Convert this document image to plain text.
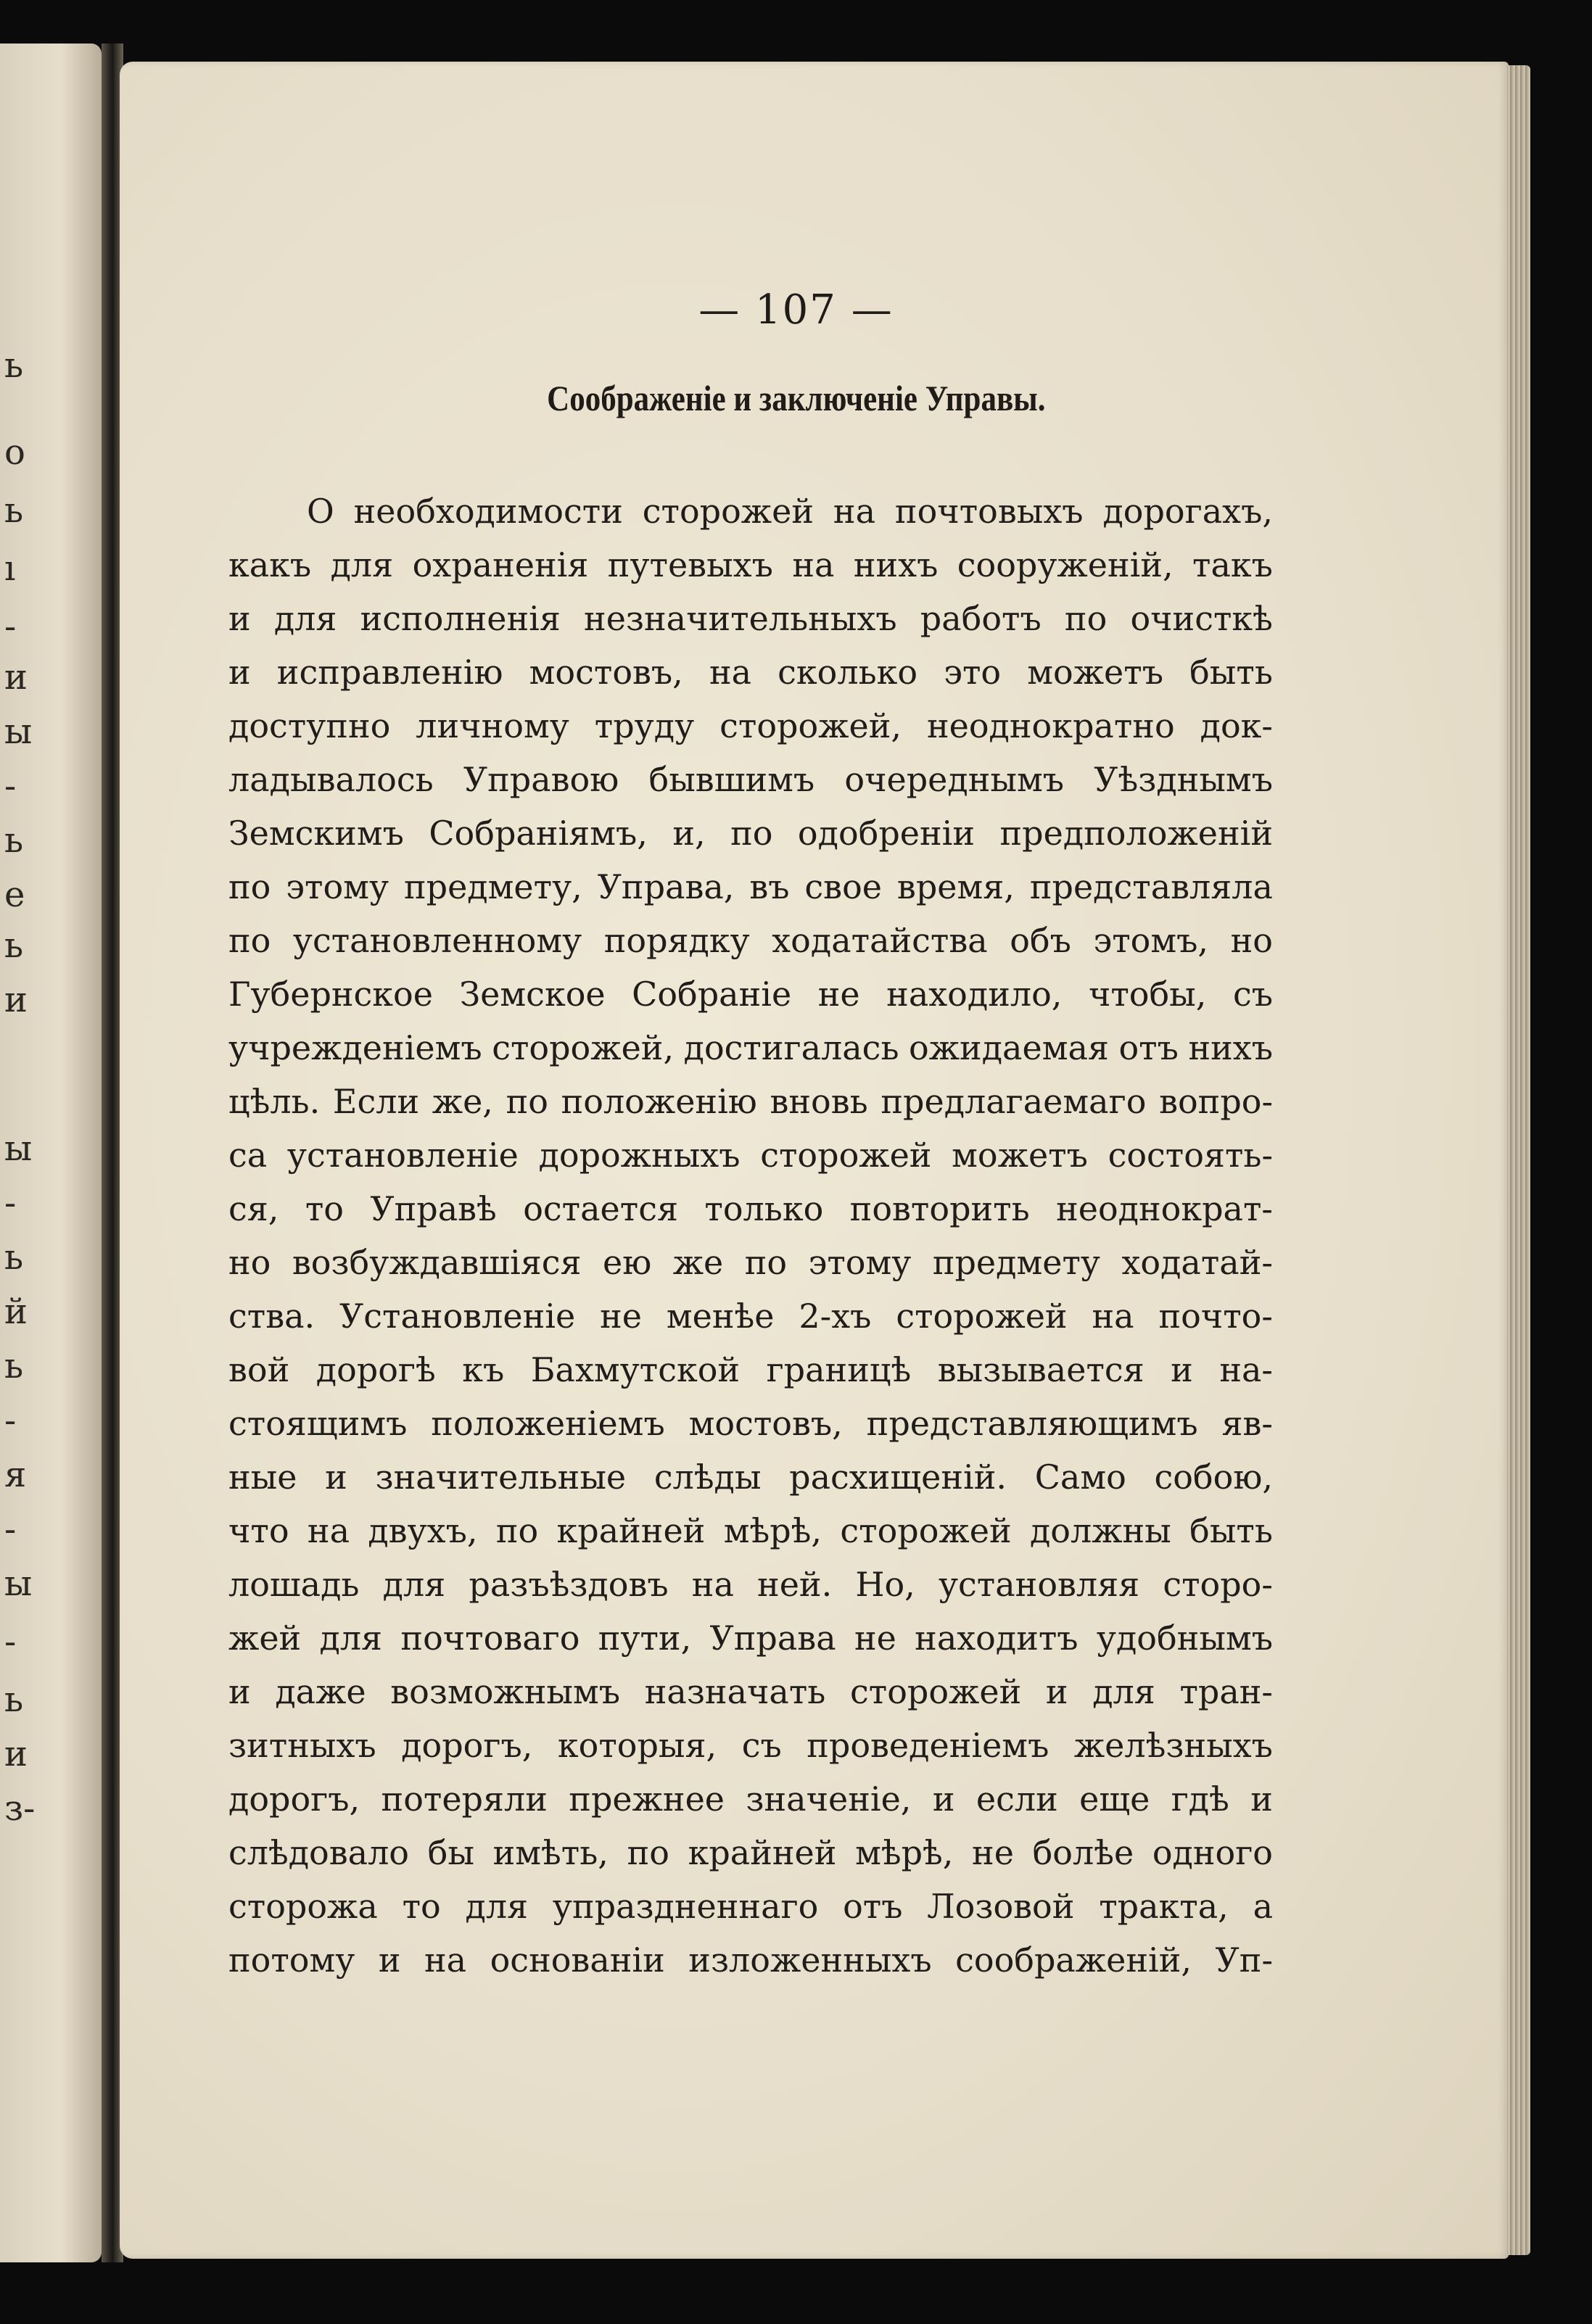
ь
о
ь
ı
-
и
ы
-
ь
е
ь
и
ы
-
ь
й
ь
-
я
-
ы
-
ь
и
з-
— 107 —
Соображеніе и заключеніе Управы.
О необходимости сторожей на почтовыхъ дорогахъ,
какъ для охраненія путевыхъ на нихъ сооруженій, такъ
и для исполненія незначительныхъ работъ по очисткѣ
и исправленію мостовъ, на сколько это можетъ быть
доступно личному труду сторожей, неоднократно док-
ладывалось Управою бывшимъ очереднымъ Уѣзднымъ
Земскимъ Собраніямъ, и, по одобреніи предположеній
по этому предмету, Управа, въ свое время, представляла
по установленному порядку ходатайства объ этомъ, но
Губернское Земское Собраніе не находило, чтобы, съ
учрежденіемъ сторожей, достигалась ожидаемая отъ нихъ
цѣль. Если же, по положенію вновь предлагаемаго вопро-
са установленіе дорожныхъ сторожей можетъ состоять-
ся, то Управѣ остается только повторить неоднократ-
но возбуждавшіяся ею же по этому предмету ходатай-
ства. Установленіе не менѣе 2-хъ сторожей на почто-
вой дорогѣ къ Бахмутской границѣ вызывается и на-
стоящимъ положеніемъ мостовъ, представляющимъ яв-
ные и значительные слѣды расхищеній. Само собою,
что на двухъ, по крайней мѣрѣ, сторожей должны быть
лошадь для разъѣздовъ на ней. Но, установляя сторо-
жей для почтоваго пути, Управа не находитъ удобнымъ
и даже возможнымъ назначать сторожей и для тран-
зитныхъ дорогъ, которыя, съ проведеніемъ желѣзныхъ
дорогъ, потеряли прежнее значеніе, и если еще гдѣ и
слѣдовало бы имѣть, по крайней мѣрѣ, не болѣе одного
сторожа то для упраздненнаго отъ Лозовой тракта, а
потому и на основаніи изложенныхъ соображеній, Уп-
